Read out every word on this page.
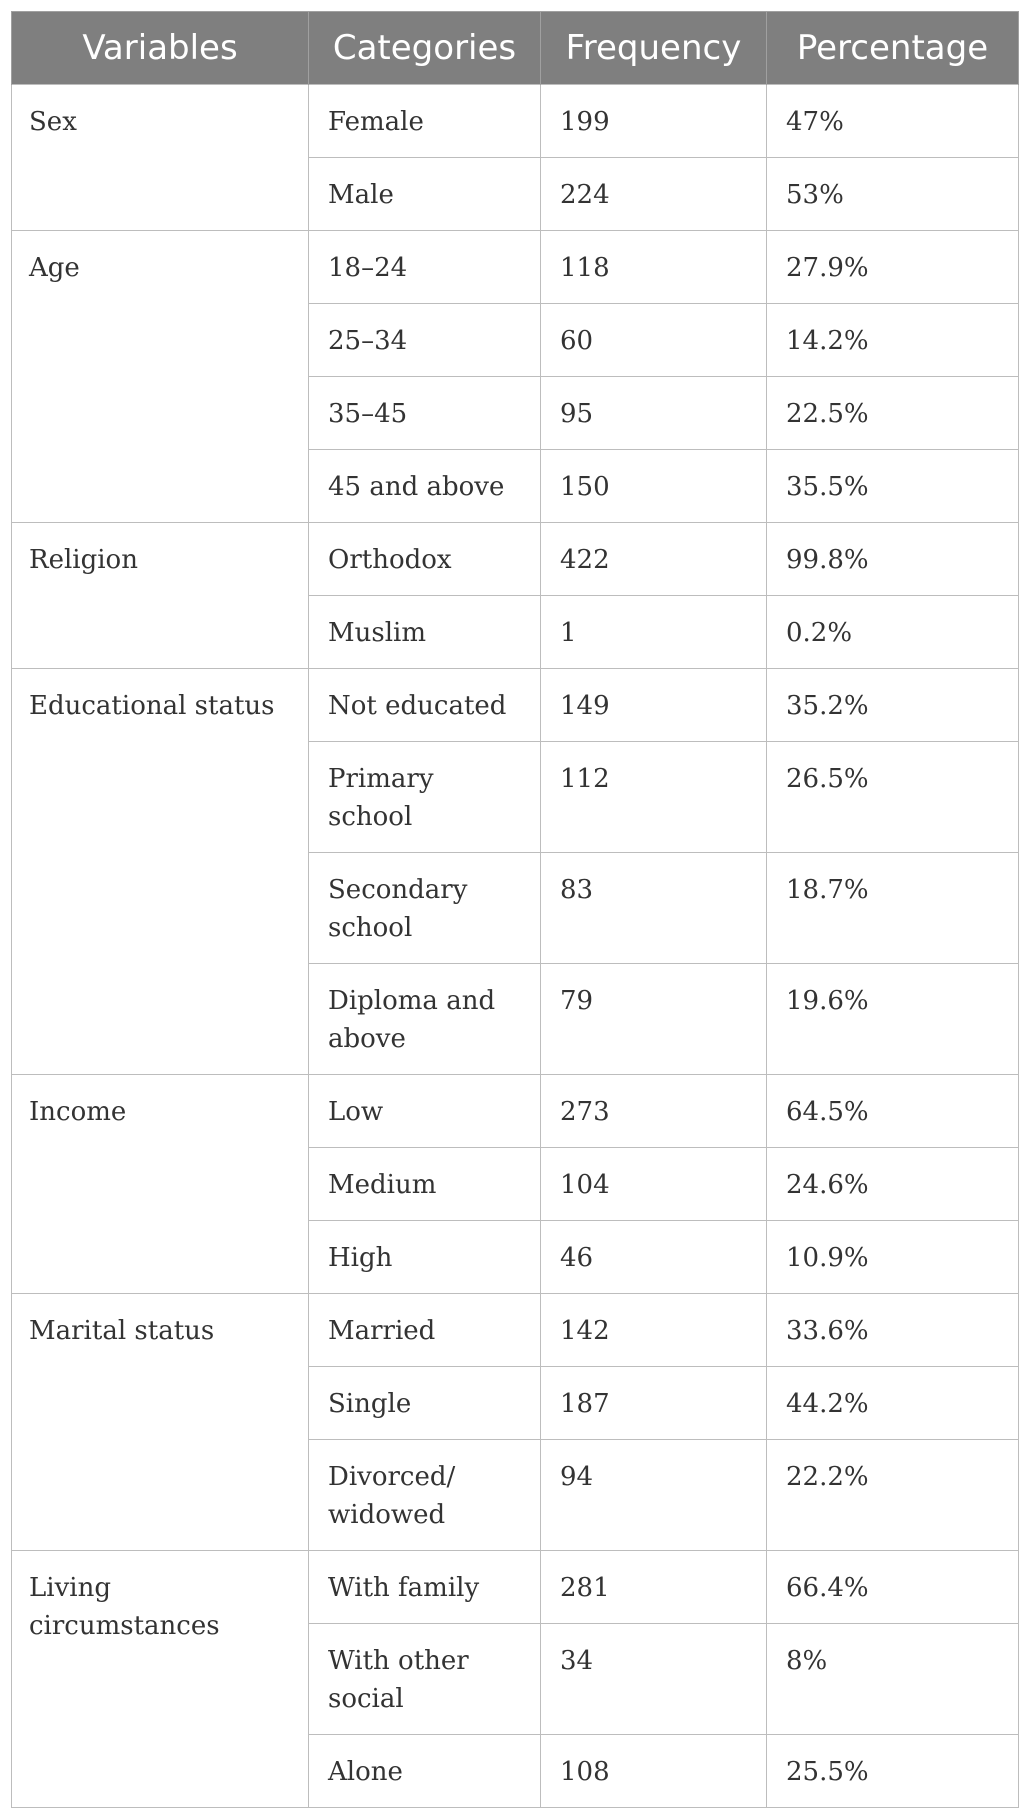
Variables	Categories	Frequency	Percentage
Sex	Female	199	47%
	Male	224	53%
Age	18–24	118	27.9%
	25–34	60	14.2%
	35–45	95	22.5%
	45 and above	150	35.5%
Religion	Orthodox	422	99.8%
	Muslim	1	0.2%
Educational status	Not educated	149	35.2%
	Primary school	112	26.5%
	Secondary school	83	18.7%
	Diploma and above	79	19.6%
Income	Low	273	64.5%
	Medium	104	24.6%
	High	46	10.9%
Marital status	Married	142	33.6%
	Single	187	44.2%
	Divorced/ widowed	94	22.2%
Living circumstances	With family	281	66.4%
	With other social	34	8%
	Alone	108	25.5%
